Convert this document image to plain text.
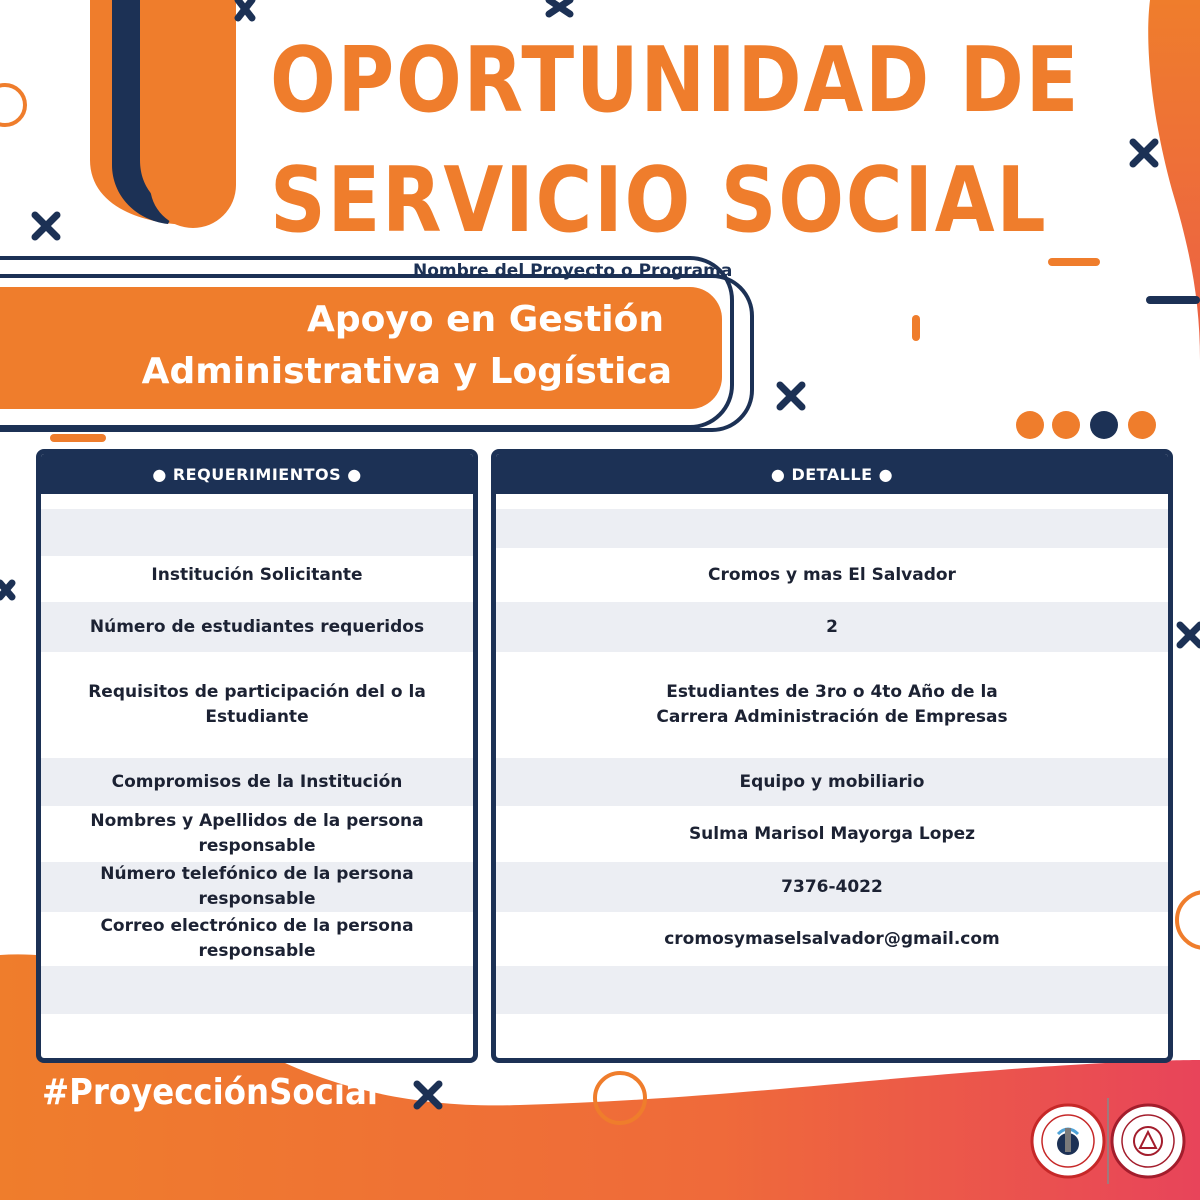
OPORTUNIDAD DE
SERVICIO SOCIAL
Nombre del Proyecto o Programa
Apoyo en Gestión
Administrativa y Logística
● REQUERIMIENTOS ●
Institución Solicitante
Número de estudiantes requeridos
Requisitos de participación del o la Estudiante
Compromisos de la Institución
Nombres y Apellidos de la persona responsable
Número telefónico de la persona responsable
Correo electrónico de la persona responsable
● DETALLE ●
Cromos y mas El Salvador
2
Estudiantes de 3ro o 4to Año de la
Carrera Administración de Empresas
Equipo y mobiliario
Sulma Marisol Mayorga Lopez
7376-4022
cromosymaselsalvador@gmail.com
#ProyecciónSocial
